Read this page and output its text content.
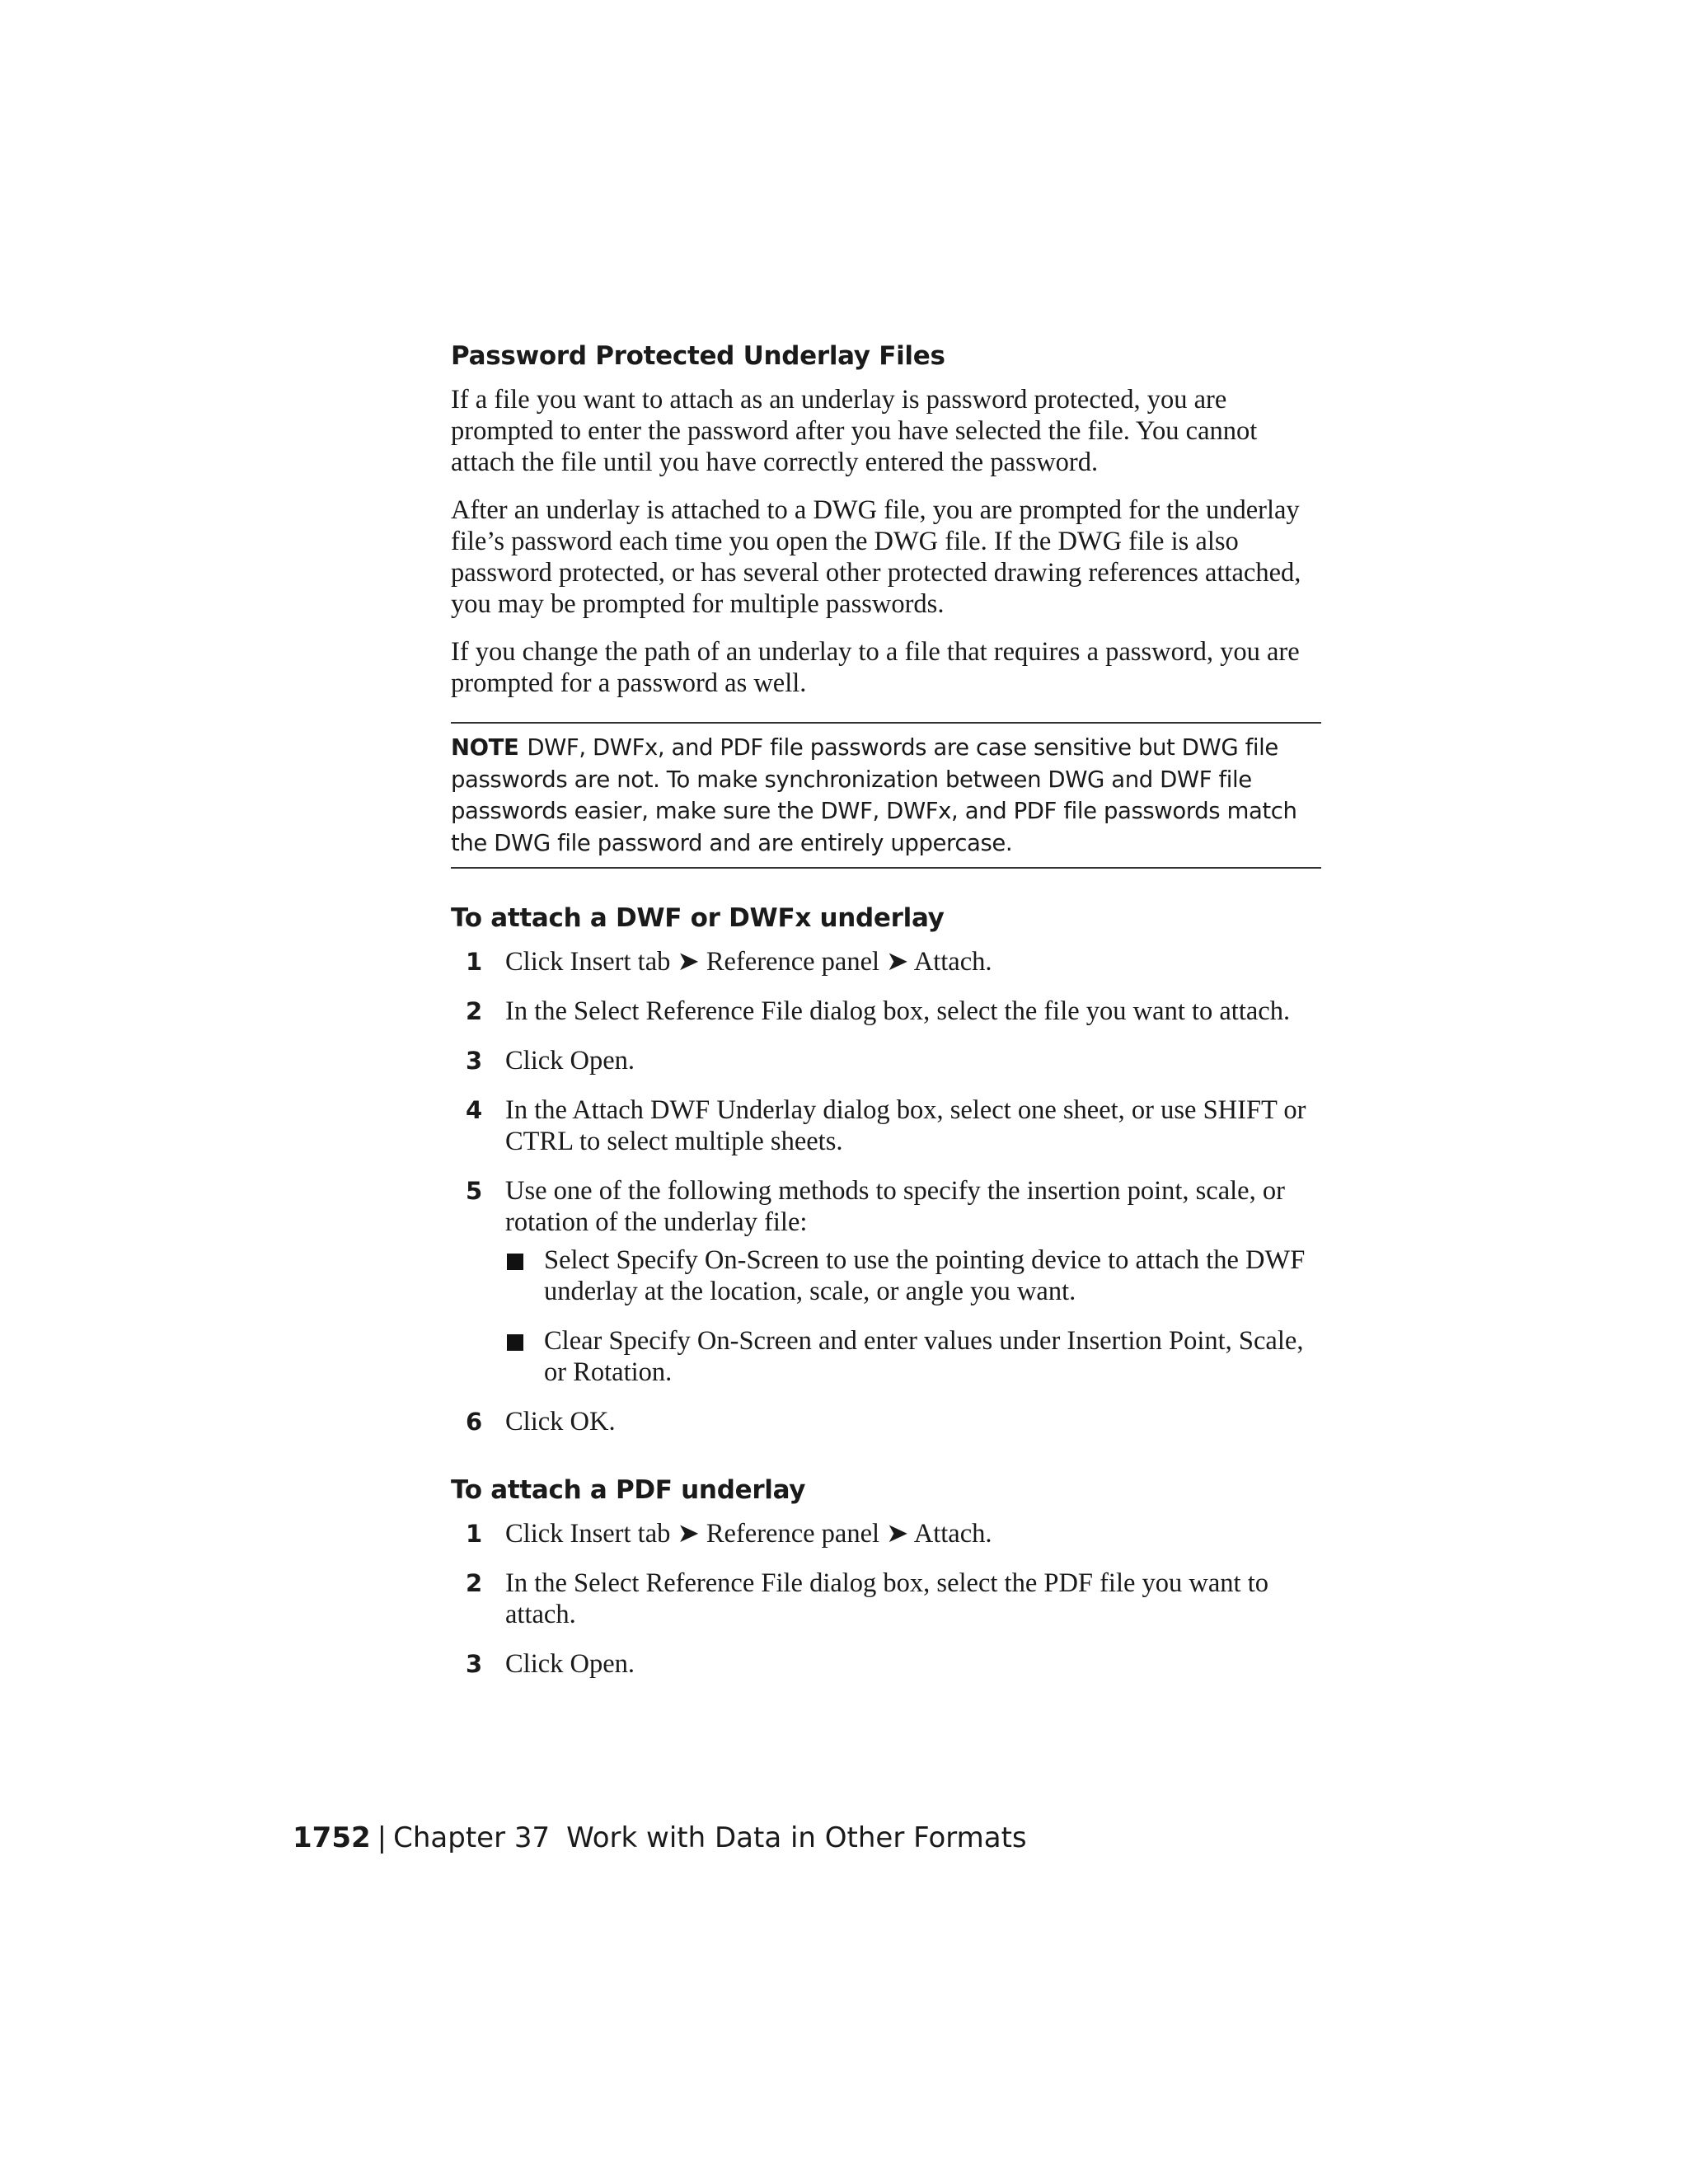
Password Protected Underlay Files

If a file you want to attach as an underlay is password protected, you are prompted to enter the password after you have selected the file. You cannot attach the file until you have correctly entered the password.

After an underlay is attached to a DWG file, you are prompted for the underlay file’s password each time you open the DWG file. If the DWG file is also password protected, or has several other protected drawing references attached, you may be prompted for multiple passwords.

If you change the path of an underlay to a file that requires a password, you are prompted for a password as well.

NOTE DWF, DWFx, and PDF file passwords are case sensitive but DWG file passwords are not. To make synchronization between DWG and DWF file passwords easier, make sure the DWF, DWFx, and PDF file passwords match the DWG file password and are entirely uppercase.
To attach a DWF or DWFx underlay
1 Click Insert tab ➤ Reference panel ➤ Attach.
2 In the Select Reference File dialog box, select the file you want to attach.
3 Click Open.
4 In the Attach DWF Underlay dialog box, select one sheet, or use SHIFT or CTRL to select multiple sheets.
5 Use one of the following methods to specify the insertion point, scale, or rotation of the underlay file:
Select Specify On-Screen to use the pointing device to attach the DWF underlay at the location, scale, or angle you want.
Clear Specify On-Screen and enter values under Insertion Point, Scale, or Rotation.
6 Click OK.
To attach a PDF underlay
1 Click Insert tab ➤ Reference panel ➤ Attach.
2 In the Select Reference File dialog box, select the PDF file you want to attach.
3 Click Open.
1752 | Chapter 37 Work with Data in Other Formats
